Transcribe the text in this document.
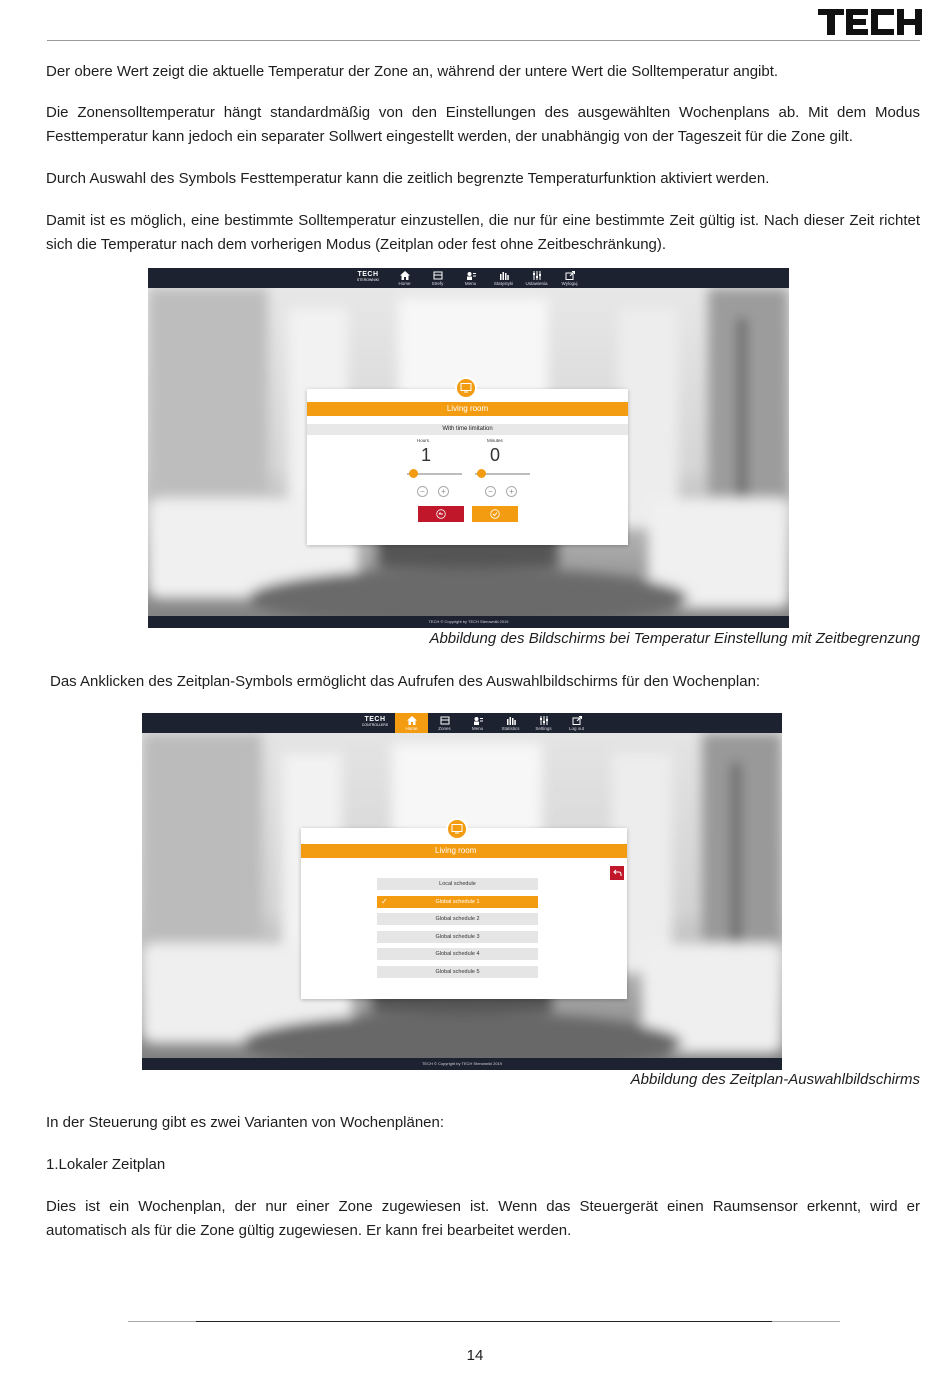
Der obere Wert zeigt die aktuelle Temperatur der Zone an, während der untere Wert die Solltemperatur angibt.

Die Zonensolltemperatur hängt standardmäßig von den Einstellungen des ausgewählten Wochenplans ab. Mit dem Modus Festtemperatur kann jedoch ein separater Sollwert eingestellt werden, der unabhängig von der Tageszeit für die Zone gilt.

Durch Auswahl des Symbols Festtemperatur kann die zeitlich begrenzte Temperaturfunktion aktiviert werden.

Damit ist es möglich, eine bestimmte Solltemperatur einzustellen, die nur für eine bestimmte Zeit gültig ist. Nach dieser Zeit richtet sich die Temperatur nach dem vorherigen Modus (Zeitplan oder fest ohne Zeitbeschränkung).

TECH
STEROWNIKI
Home	Strefy	Menu	Statystyki	Ustawienia	Wyloguj
Living room
With time limitation
Hours	Minutes
1	0
−	+	−	+
TECH © Copyright by TECH Sterowniki 2019
Abbildung des Bildschirms bei Temperatur Einstellung mit Zeitbegrenzung

Das Anklicken des Zeitplan-Symbols ermöglicht das Aufrufen des Auswahlbildschirms für den Wochenplan:

TECH
CONTROLLERS
Home	Zones	Menu	Statistics	Settings	Log out
Living room
Local schedule
✓	Global schedule 1
Global schedule 2
Global schedule 3
Global schedule 4
Global schedule 5
TECH © Copyright by TECH Sterowniki 2019
Abbildung des Zeitplan-Auswahlbildschirms

In der Steuerung gibt es zwei Varianten von Wochenplänen:

1.Lokaler Zeitplan

Dies ist ein Wochenplan, der nur einer Zone zugewiesen ist. Wenn das Steuergerät einen Raumsensor erkennt, wird er automatisch als für die Zone gültig zugewiesen. Er kann frei bearbeitet werden.

14
